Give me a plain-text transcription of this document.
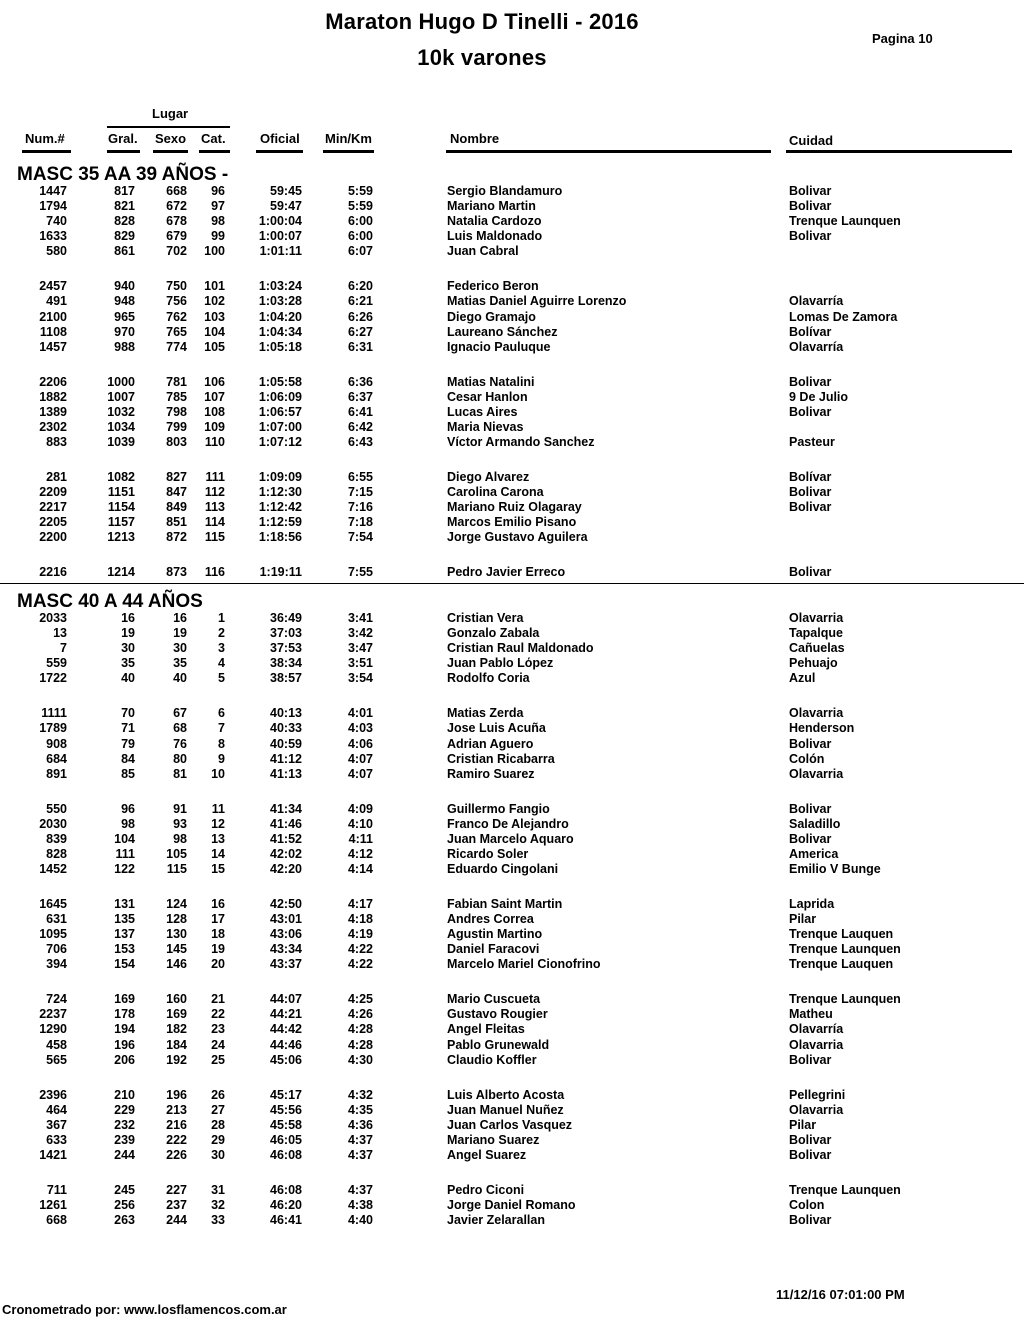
Maraton Hugo D Tinelli - 2016
10k varones
Pagina 10
Lugar
Num.#	Gral. Sexo Cat.	Oficial Min/Km	Nombre	Cuidad
MASC 35 AA 39 AÑOS -
1447	817 668 96	59:45	5:59	Sergio Blandamuro	Bolivar
1794	821 672 97	59:47	5:59	Mariano Martin	Bolivar
740	828 678 98	1:00:04	6:00	Natalia Cardozo	Trenque Launquen
1633	829 679 99	1:00:07	6:00	Luis Maldonado	Bolivar
580	861 702 100	1:01:11	6:07	Juan Cabral
2457	940 750 101	1:03:24	6:20	Federico Beron
491	948 756 102	1:03:28	6:21	Matias Daniel Aguirre Lorenzo	Olavarría
2100	965 762 103	1:04:20	6:26	Diego Gramajo	Lomas De Zamora
1108	970 765 104	1:04:34	6:27	Laureano Sánchez	Bolívar
1457	988 774 105	1:05:18	6:31	Ignacio Pauluque	Olavarría
2206	1000 781 106	1:05:58	6:36	Matias Natalini	Bolivar
1882	1007 785 107	1:06:09	6:37	Cesar Hanlon	9 De Julio
1389	1032 798 108	1:06:57	6:41	Lucas Aires	Bolivar
2302	1034 799 109	1:07:00	6:42	Maria Nievas
883	1039 803 110	1:07:12	6:43	Víctor Armando Sanchez	Pasteur
281	1082 827 111	1:09:09	6:55	Diego Alvarez	Bolívar
2209	1151 847 112	1:12:30	7:15	Carolina Carona	Bolivar
2217	1154 849 113	1:12:42	7:16	Mariano Ruiz Olagaray	Bolivar
2205	1157 851 114	1:12:59	7:18	Marcos Emilio Pisano
2200	1213 872 115	1:18:56	7:54	Jorge Gustavo Aguilera
2216	1214 873 116	1:19:11	7:55	Pedro Javier Erreco	Bolivar
MASC 40 A 44 AÑOS
2033	16	16 1	36:49	3:41	Cristian Vera	Olavarria
13	19	19 2	37:03	3:42	Gonzalo Zabala	Tapalque
7	30	30 3	37:53	3:47	Cristian Raul Maldonado	Cañuelas
559	35	35 4	38:34	3:51	Juan Pablo Lόpez	Pehuajo
1722	40	40 5	38:57	3:54	Rodolfo Coria	Azul
1111	70	67 6	40:13	4:01	Matias Zerda	Olavarria
1789	71	68 7	40:33	4:03	Jose Luis Acuña	Henderson
908	79	76 8	40:59	4:06	Adrian Aguero	Bolivar
684	84	80 9	41:12	4:07	Cristian Ricabarra	Colón
891	85	81 10	41:13	4:07	Ramiro Suarez	Olavarria
550	96	91 11	41:34	4:09	Guillermo Fangio	Bolivar
2030	98	93 12	41:46	4:10	Franco De Alejandro	Saladillo
839	104	98 13	41:52	4:11	Juan Marcelo Aquaro	Bolivar
828	111 105 14	42:02	4:12	Ricardo Soler	America
1452	122	115 15	42:20	4:14	Eduardo Cingolani	Emilio V Bunge
1645	131 124 16	42:50	4:17	Fabian Saint Martin	Laprida
631	135 128 17	43:01	4:18	Andres Correa	Pilar
1095	137 130 18	43:06	4:19	Agustin Martino	Trenque Lauquen
706	153 145 19	43:34	4:22	Daniel Faracovi	Trenque Launquen
394	154 146 20	43:37	4:22	Marcelo Mariel Cionofrino	Trenque Lauquen
724	169 160 21	44:07	4:25	Mario Cuscueta	Trenque Launquen
2237	178 169 22	44:21	4:26	Gustavo Rougier	Matheu
1290	194 182 23	44:42	4:28	Angel Fleitas	Olavarría
458	196 184 24	44:46	4:28	Pablo Grunewald	Olavarria
565	206 192 25	45:06	4:30	Claudio Koffler	Bolivar
2396	210 196 26	45:17	4:32	Luis Alberto Acosta	Pellegrini
464	229 213 27	45:56	4:35	Juan Manuel Nuñez	Olavarria
367	232 216 28	45:58	4:36	Juan Carlos Vasquez	Pilar
633	239 222 29	46:05	4:37	Mariano Suarez	Bolivar
1421	244 226 30	46:08	4:37	Angel Suarez	Bolivar
711	245 227 31	46:08	4:37	Pedro Ciconi	Trenque Launquen
1261	256 237 32	46:20	4:38	Jorge Daniel Romano	Colon
668	263 244 33	46:41	4:40	Javier Zelarallan	Bolivar
11/12/16 07:01:00 PM
Cronometrado por: www.losflamencos.com.ar
